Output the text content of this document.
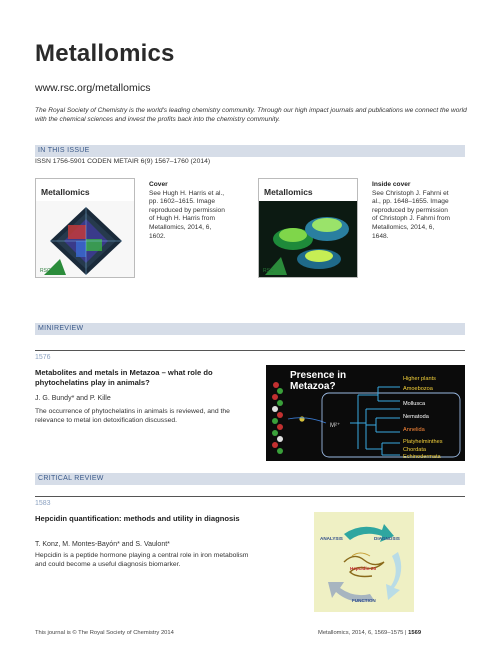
Metallomics
www.rsc.org/metallomics
The Royal Society of Chemistry is the world's leading chemistry community. Through our high impact journals and publications we connect the world with the chemical sciences and invest the profits back into the chemistry community.
IN THIS ISSUE
ISSN 1756-5901 CODEN METAIR 6(9) 1567–1760 (2014)
Metallomics
RSC
Cover
See Hugh H. Harris et al., pp. 1602–1615. Image reproduced by permission of Hugh H. Harris from Metallomics, 2014, 6, 1602.
Metallomics
RSC
Inside cover
See Christoph J. Fahrni et al., pp. 1648–1655. Image reproduced by permission of Christoph J. Fahrni from Metallomics, 2014, 6, 1648.
MINIREVIEW
1576
Metabolites and metals in Metazoa – what role do phytochelatins play in animals?
J. G. Bundy* and P. Kille
The occurrence of phytochelatins in animals is reviewed, and the relevance to metal ion detoxification discussed.
Presence in
Metazoa?
M²⁺
Higher plants
Amoebozoa
Mollusca
Nematoda
Annelida
Platyhelminthes
Chordata
Echinodermata
CRITICAL REVIEW
1583
Hepcidin quantification: methods and utility in diagnosis
T. Konz, M. Montes-Bayón* and S. Vaulont*
Hepcidin is a peptide hormone playing a central role in iron metabolism and could become a useful diagnosis biomarker.
ANALYSIS	DIAGNOSIS
FUNCTION
Hepcidin-25
This journal is © The Royal Society of Chemistry 2014	Metallomics, 2014, 6, 1569–1575 | 1569
